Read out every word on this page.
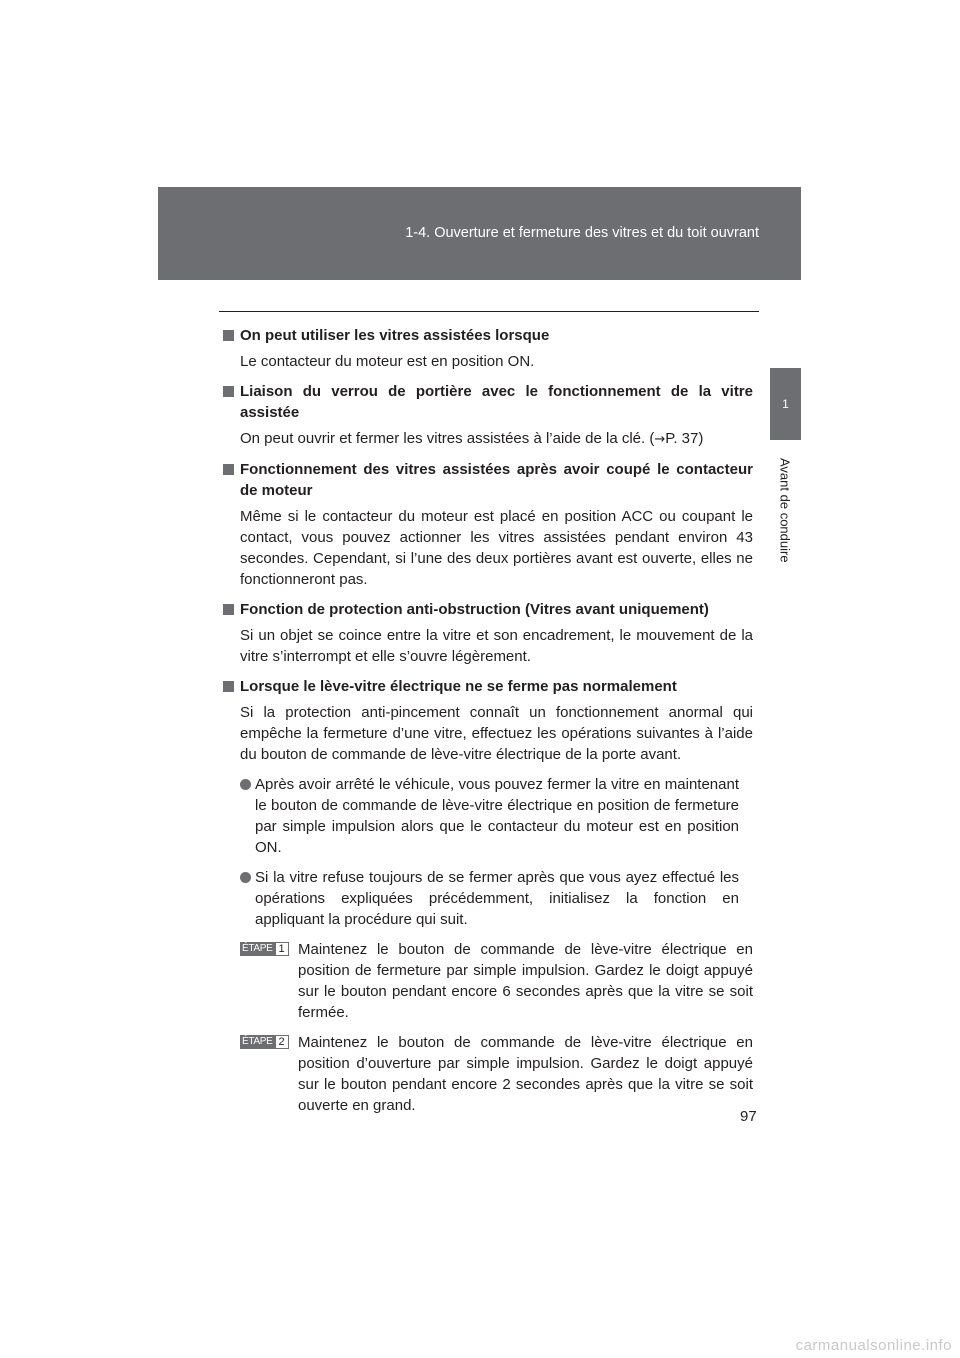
1-4. Ouverture et fermeture des vitres et du toit ouvrant
1
Avant de conduire
On peut utiliser les vitres assistées lorsque
Le contacteur du moteur est en position ON.
Liaison du verrou de portière avec le fonctionnement de la vitre assistée
On peut ouvrir et fermer les vitres assistées à l’aide de la clé. (→P. 37)
Fonctionnement des vitres assistées après avoir coupé le contacteur de moteur
Même si le contacteur du moteur est placé en position ACC ou coupant le contact, vous pouvez actionner les vitres assistées pendant environ 43 secondes. Cependant, si l’une des deux portières avant est ouverte, elles ne fonctionneront pas.
Fonction de protection anti-obstruction (Vitres avant uniquement)
Si un objet se coince entre la vitre et son encadrement, le mouvement de la vitre s’interrompt et elle s’ouvre légèrement.
Lorsque le lève-vitre électrique ne se ferme pas normalement
Si la protection anti-pincement connaît un fonctionnement anormal qui empêche la fermeture d’une vitre, effectuez les opérations suivantes à l’aide du bouton de commande de lève-vitre électrique de la porte avant.
Après avoir arrêté le véhicule, vous pouvez fermer la vitre en maintenant le bouton de commande de lève-vitre électrique en position de fermeture par simple impulsion alors que le contacteur du moteur est en position ON.
Si la vitre refuse toujours de se fermer après que vous ayez effectué les opérations expliquées précédemment, initialisez la fonction en appliquant la procédure qui suit.
ÉTAPE 1 Maintenez le bouton de commande de lève-vitre électrique en position de fermeture par simple impulsion. Gardez le doigt appuyé sur le bouton pendant encore 6 secondes après que la vitre se soit fermée.
ÉTAPE 2 Maintenez le bouton de commande de lève-vitre électrique en position d’ouverture par simple impulsion. Gardez le doigt appuyé sur le bouton pendant encore 2 secondes après que la vitre se soit ouverte en grand.
97
carmanualsonline.info
